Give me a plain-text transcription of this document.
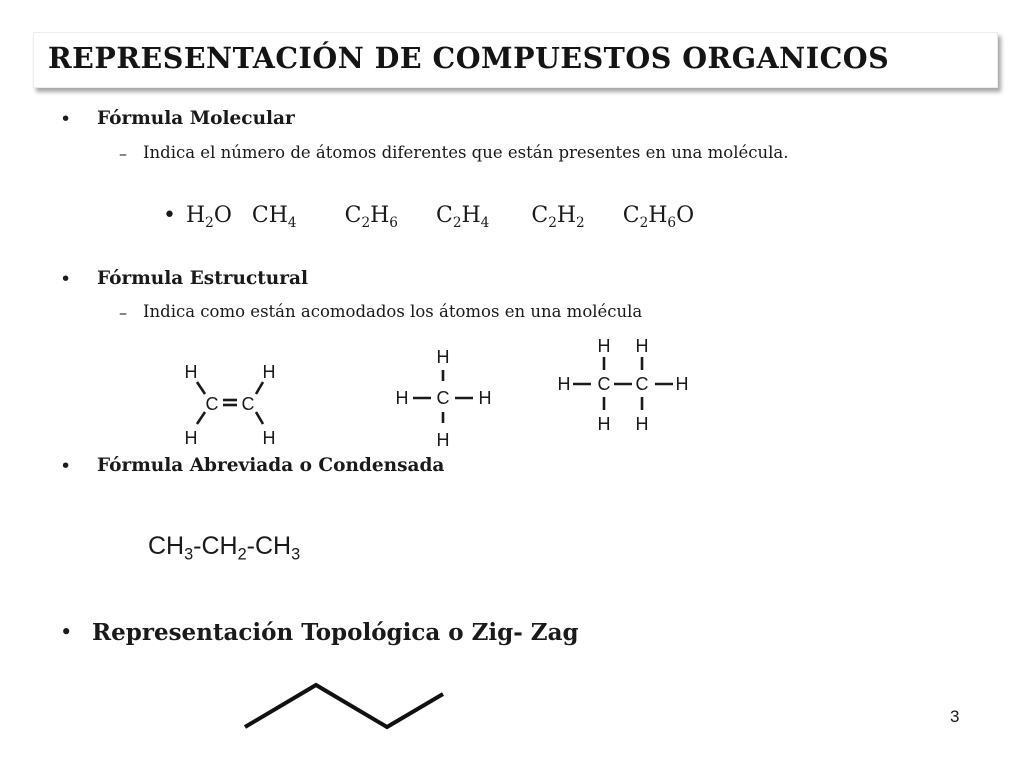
REPRESENTACIÓN DE COMPUESTOS ORGANICOS
• Fórmula Molecular
– Indica el número de átomos diferentes que están presentes en una molécula.
• $H_2O$ $CH_4$ $C_2H_6$ $C_2H_4$ $C_2H_2$ $C_2H_6O$
• Fórmula Estructural
– Indica como están acomodados los átomos en una molécula
H	H
C C
H	H
H
H C H
H
H H
H C C H
H H
• Fórmula Abreviada o Condensada
$CH_3-CH_2-CH_3$
• Representación Topológica o Zig- Zag
3
